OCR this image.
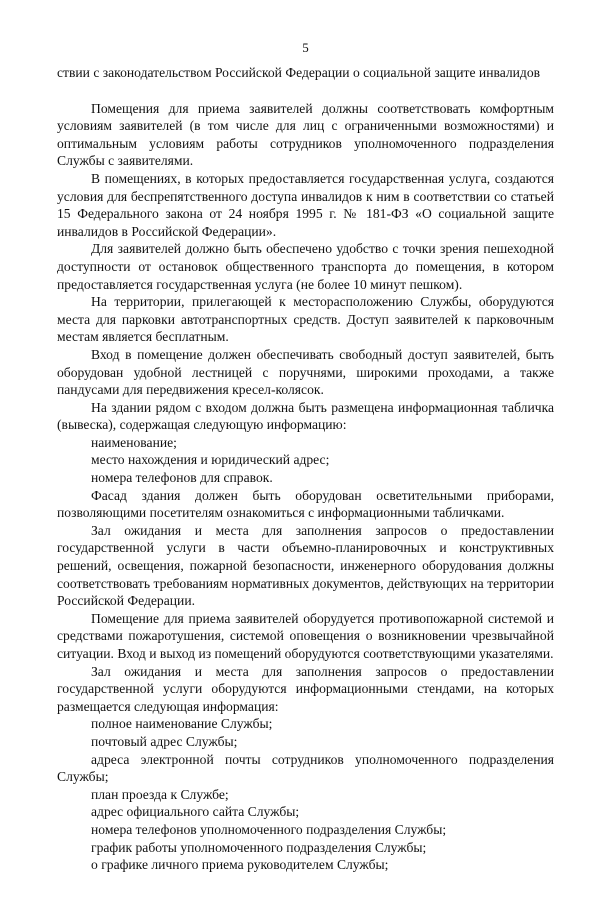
5

ствии с законодательством Российской Федерации о социальной защите инвалидов

Помещения для приема заявителей должны соответствовать комфортным условиям заявителей (в том числе для лиц с ограниченными возможностями) и оптимальным условиям работы сотрудников уполномоченного подразделения Службы с заявителями.

В помещениях, в которых предоставляется государственная услуга, создаются условия для беспрепятственного доступа инвалидов к ним в соответствии со статьей 15 Федерального закона от 24 ноября 1995 г. № 181-ФЗ «О социальной защите инвалидов в Российской Федерации».

Для заявителей должно быть обеспечено удобство с точки зрения пешеходной доступности от остановок общественного транспорта до помещения, в котором предоставляется государственная услуга (не более 10 минут пешком).

На территории, прилегающей к месторасположению Службы, оборудуются места для парковки автотранспортных средств. Доступ заявителей к парковочным местам является бесплатным.

Вход в помещение должен обеспечивать свободный доступ заявителей, быть оборудован удобной лестницей с поручнями, широкими проходами, а также пандусами для передвижения кресел-колясок.

На здании рядом с входом должна быть размещена информационная табличка (вывеска), содержащая следующую информацию:

наименование;

место нахождения и юридический адрес;

номера телефонов для справок.

Фасад здания должен быть оборудован осветительными приборами, позволяющими посетителям ознакомиться с информационными табличками.

Зал ожидания и места для заполнения запросов о предоставлении государственной услуги в части объемно-планировочных и конструктивных решений, освещения, пожарной безопасности, инженерного оборудования должны соответствовать требованиям нормативных документов, действующих на территории Российской Федерации.

Помещение для приема заявителей оборудуется противопожарной системой и средствами пожаротушения, системой оповещения о возникновении чрезвычайной ситуации. Вход и выход из помещений оборудуются соответствующими указателями.

Зал ожидания и места для заполнения запросов о предоставлении государственной услуги оборудуются информационными стендами, на которых размещается следующая информация:

полное наименование Службы;

почтовый адрес Службы;

адреса электронной почты сотрудников уполномоченного подразделения Службы;

план проезда к Службе;

адрес официального сайта Службы;

номера телефонов уполномоченного подразделения Службы;

график работы уполномоченного подразделения Службы;

о графике личного приема руководителем Службы;
